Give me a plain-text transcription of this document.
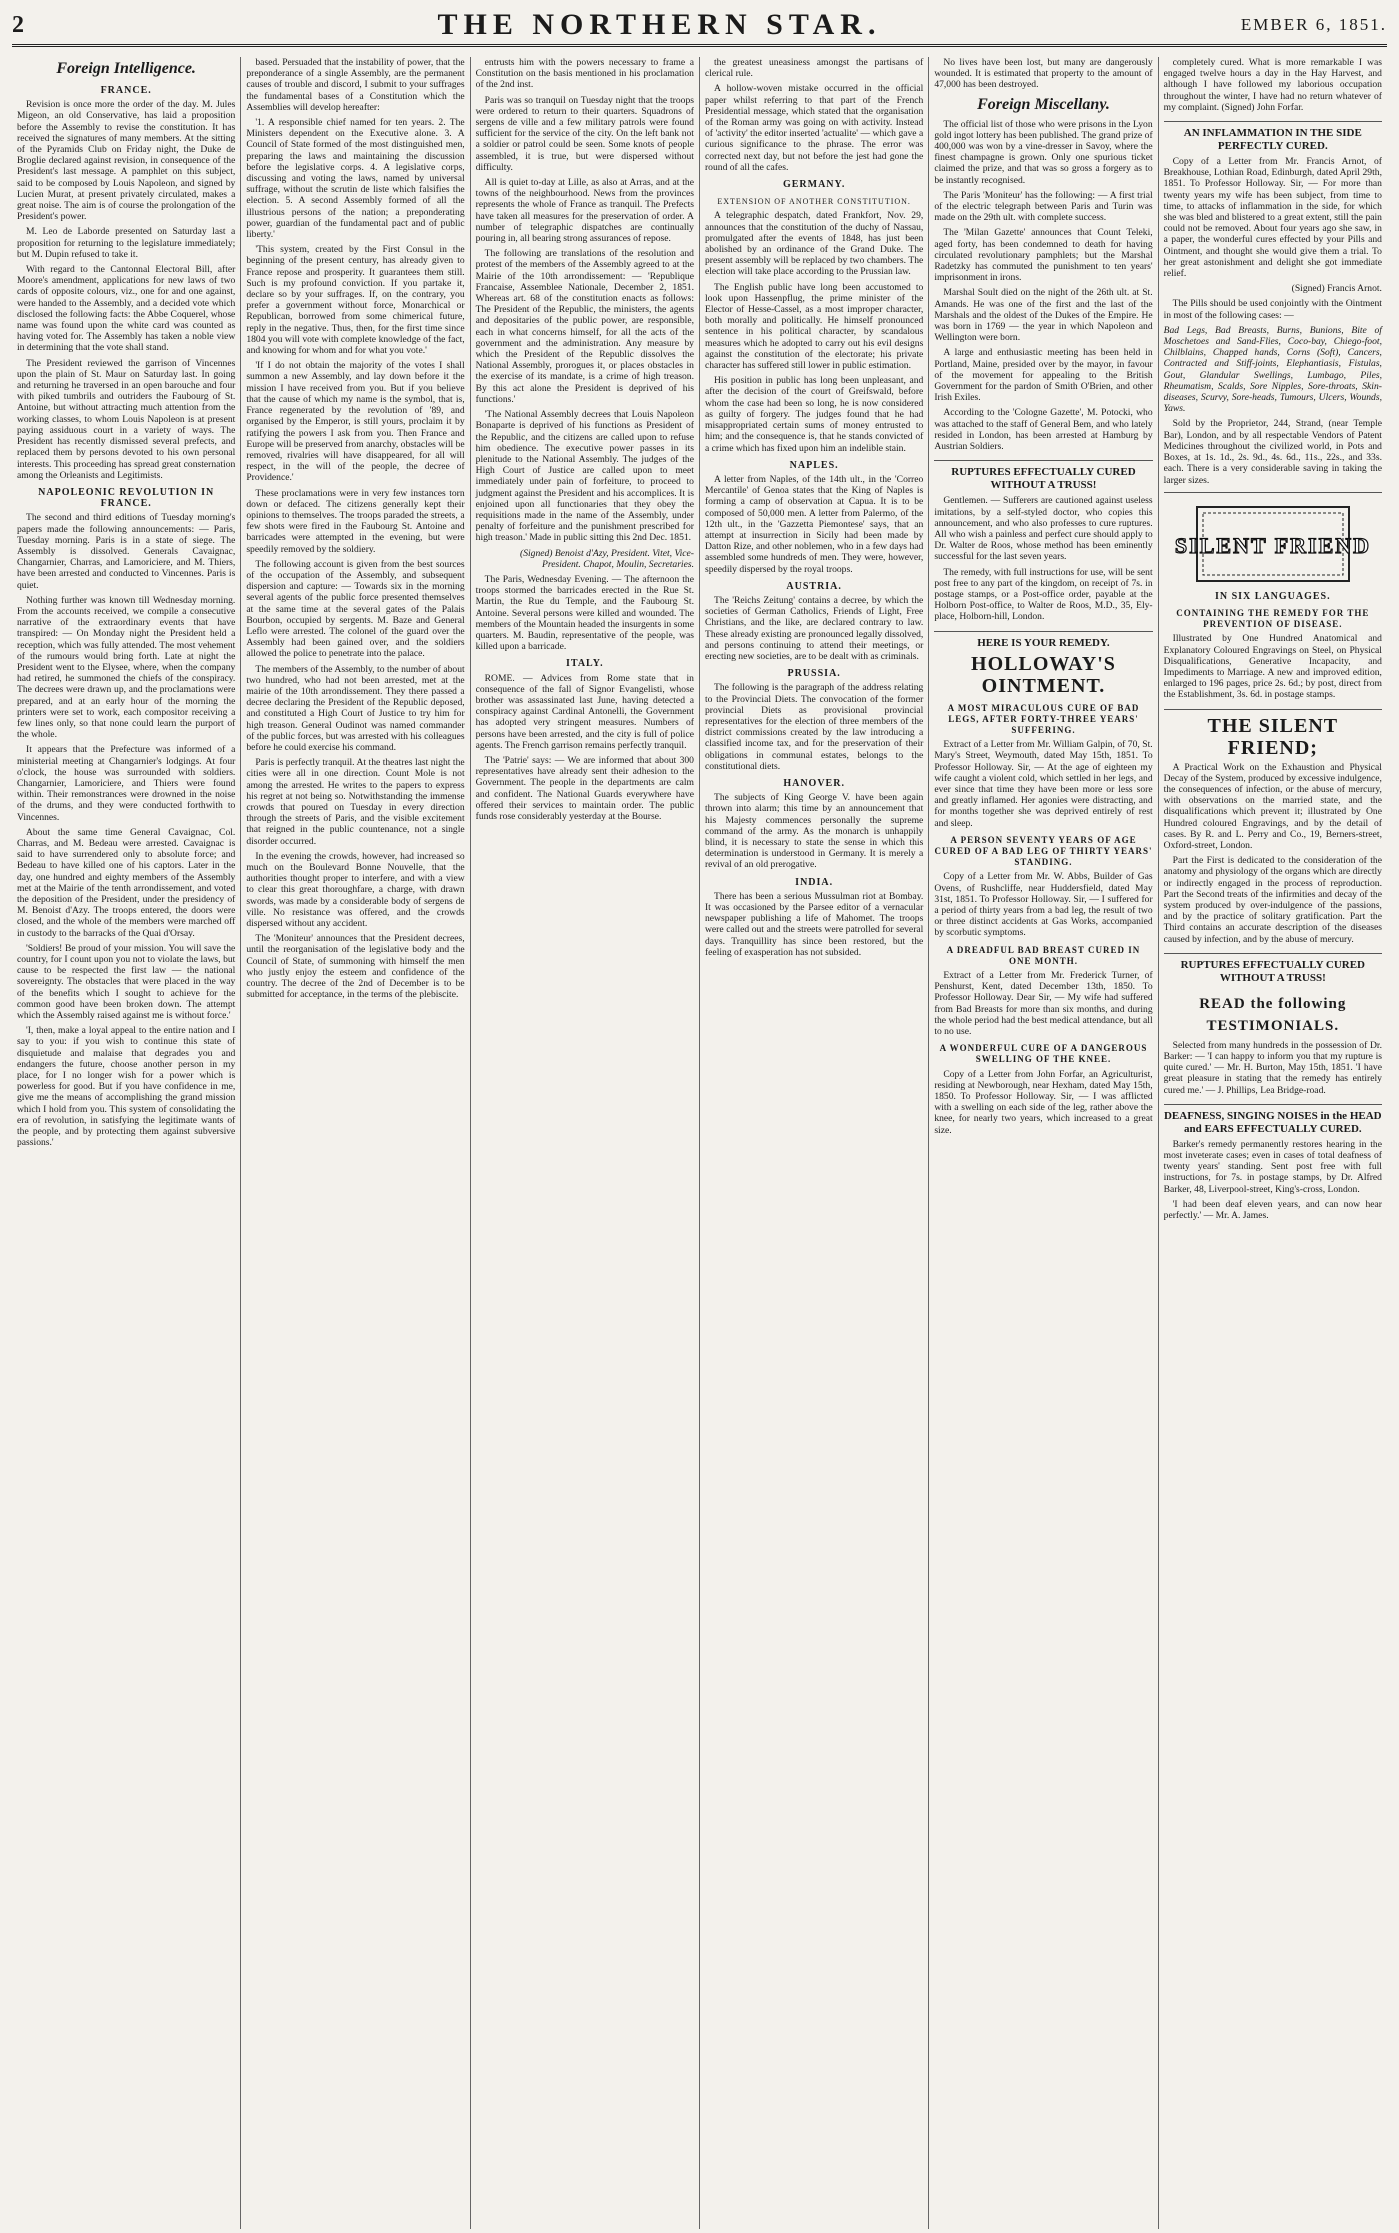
2	THE NORTHERN STAR.	EMBER 6, 1851.
Foreign Intelligence.
FRANCE.

Revision is once more the order of the day. M. Jules Migeon, an old Conservative, has laid a proposition before the Assembly to revise the constitution. It has received the signatures of many members. At the sitting of the Pyramids Club on Friday night, the Duke de Broglie declared against revision, in consequence of the President's last message. A pamphlet on this subject, said to be composed by Louis Napoleon, and signed by Lucien Murat, at present privately circulated, makes a great noise. The aim is of course the prolongation of the President's power.

M. Leo de Laborde presented on Saturday last a proposition for returning to the legislature immediately; but M. Dupin refused to take it.

With regard to the Cantonnal Electoral Bill, after Moore's amendment, applications for new laws of two cards of opposite colours, viz., one for and one against, were handed to the Assembly, and a decided vote which disclosed the following facts: the Abbe Coquerel, whose name was found upon the white card was counted as having voted for. The Assembly has taken a noble view in determining that the vote shall stand.

The President reviewed the garrison of Vincennes upon the plain of St. Maur on Saturday last. In going and returning he traversed in an open barouche and four with piked tumbrils and outriders the Faubourg of St. Antoine, but without attracting much attention from the working classes, to whom Louis Napoleon is at present paying assiduous court in a variety of ways. The President has recently dismissed several prefects, and replaced them by persons devoted to his own personal interests. This proceeding has spread great consternation among the Orleanists and Legitimists.

NAPOLEONIC REVOLUTION IN FRANCE.

The second and third editions of Tuesday morning's papers made the following announcements: — Paris, Tuesday morning. Paris is in a state of siege. The Assembly is dissolved. Generals Cavaignac, Changarnier, Charras, and Lamoriciere, and M. Thiers, have been arrested and conducted to Vincennes. Paris is quiet.

Nothing further was known till Wednesday morning. From the accounts received, we compile a consecutive narrative of the extraordinary events that have transpired: — On Monday night the President held a reception, which was fully attended. The most vehement of the rumours would bring forth. Late at night the President went to the Elysee, where, when the company had retired, he summoned the chiefs of the conspiracy. The decrees were drawn up, and the proclamations were prepared, and at an early hour of the morning the printers were set to work, each compositor receiving a few lines only, so that none could learn the purport of the whole.

It appears that the Prefecture was informed of a ministerial meeting at Changarnier's lodgings. At four o'clock, the house was surrounded with soldiers. Changarnier, Lamoriciere, and Thiers were found within. Their remonstrances were drowned in the noise of the drums, and they were conducted forthwith to Vincennes.

About the same time General Cavaignac, Col. Charras, and M. Bedeau were arrested. Cavaignac is said to have surrendered only to absolute force; and Bedeau to have killed one of his captors. Later in the day, one hundred and eighty members of the Assembly met at the Mairie of the tenth arrondissement, and voted the deposition of the President, under the presidency of M. Benoist d'Azy. The troops entered, the doors were closed, and the whole of the members were marched off in custody to the barracks of the Quai d'Orsay.

'Soldiers! Be proud of your mission. You will save the country, for I count upon you not to violate the laws, but cause to be respected the first law — the national sovereignty. The obstacles that were placed in the way of the benefits which I sought to achieve for the common good have been broken down. The attempt which the Assembly raised against me is without force.'

'I, then, make a loyal appeal to the entire nation and I say to you: if you wish to continue this state of disquietude and malaise that degrades you and endangers the future, choose another person in my place, for I no longer wish for a power which is powerless for good. But if you have confidence in me, give me the means of accomplishing the grand mission which I hold from you. This system of consolidating the era of revolution, in satisfying the legitimate wants of the people, and by protecting them against subversive passions.'

based. Persuaded that the instability of power, that the preponderance of a single Assembly, are the permanent causes of trouble and discord, I submit to your suffrages the fundamental bases of a Constitution which the Assemblies will develop hereafter:

'1. A responsible chief named for ten years. 2. The Ministers dependent on the Executive alone. 3. A Council of State formed of the most distinguished men, preparing the laws and maintaining the discussion before the legislative corps. 4. A legislative corps, discussing and voting the laws, named by universal suffrage, without the scrutin de liste which falsifies the election. 5. A second Assembly formed of all the illustrious persons of the nation; a preponderating power, guardian of the fundamental pact and of public liberty.'

'This system, created by the First Consul in the beginning of the present century, has already given to France repose and prosperity. It guarantees them still. Such is my profound conviction. If you partake it, declare so by your suffrages. If, on the contrary, you prefer a government without force, Monarchical or Republican, borrowed from some chimerical future, reply in the negative. Thus, then, for the first time since 1804 you will vote with complete knowledge of the fact, and knowing for whom and for what you vote.'

'If I do not obtain the majority of the votes I shall summon a new Assembly, and lay down before it the mission I have received from you. But if you believe that the cause of which my name is the symbol, that is, France regenerated by the revolution of '89, and organised by the Emperor, is still yours, proclaim it by ratifying the powers I ask from you. Then France and Europe will be preserved from anarchy, obstacles will be removed, rivalries will have disappeared, for all will respect, in the will of the people, the decree of Providence.'

These proclamations were in very few instances torn down or defaced. The citizens generally kept their opinions to themselves. The troops paraded the streets, a few shots were fired in the Faubourg St. Antoine and barricades were attempted in the evening, but were speedily removed by the soldiery.

The following account is given from the best sources of the occupation of the Assembly, and subsequent dispersion and capture: — Towards six in the morning several agents of the public force presented themselves at the same time at the several gates of the Palais Bourbon, occupied by sergents. M. Baze and General Leflo were arrested. The colonel of the guard over the Assembly had been gained over, and the soldiers allowed the police to penetrate into the palace.

The members of the Assembly, to the number of about two hundred, who had not been arrested, met at the mairie of the 10th arrondissement. They there passed a decree declaring the President of the Republic deposed, and constituted a High Court of Justice to try him for high treason. General Oudinot was named commander of the public forces, but was arrested with his colleagues before he could exercise his command.

Paris is perfectly tranquil. At the theatres last night the cities were all in one direction. Count Mole is not among the arrested. He writes to the papers to express his regret at not being so. Notwithstanding the immense crowds that poured on Tuesday in every direction through the streets of Paris, and the visible excitement that reigned in the public countenance, not a single disorder occurred.

In the evening the crowds, however, had increased so much on the Boulevard Bonne Nouvelle, that the authorities thought proper to interfere, and with a view to clear this great thoroughfare, a charge, with drawn swords, was made by a considerable body of sergens de ville. No resistance was offered, and the crowds dispersed without any accident.

The 'Moniteur' announces that the President decrees, until the reorganisation of the legislative body and the Council of State, of summoning with himself the men who justly enjoy the esteem and confidence of the country. The decree of the 2nd of December is to be submitted for acceptance, in the terms of the plebiscite.

entrusts him with the powers necessary to frame a Constitution on the basis mentioned in his proclamation of the 2nd inst.

Paris was so tranquil on Tuesday night that the troops were ordered to return to their quarters. Squadrons of sergens de ville and a few military patrols were found sufficient for the service of the city. On the left bank not a soldier or patrol could be seen. Some knots of people assembled, it is true, but were dispersed without difficulty.

All is quiet to-day at Lille, as also at Arras, and at the towns of the neighbourhood. News from the provinces represents the whole of France as tranquil. The Prefects have taken all measures for the preservation of order. A number of telegraphic dispatches are continually pouring in, all bearing strong assurances of repose.

The following are translations of the resolution and protest of the members of the Assembly agreed to at the Mairie of the 10th arrondissement: — 'Republique Francaise, Assemblee Nationale, December 2, 1851. Whereas art. 68 of the constitution enacts as follows: The President of the Republic, the ministers, the agents and depositaries of the public power, are responsible, each in what concerns himself, for all the acts of the government and the administration. Any measure by which the President of the Republic dissolves the National Assembly, prorogues it, or places obstacles in the exercise of its mandate, is a crime of high treason. By this act alone the President is deprived of his functions.'

'The National Assembly decrees that Louis Napoleon Bonaparte is deprived of his functions as President of the Republic, and the citizens are called upon to refuse him obedience. The executive power passes in its plenitude to the National Assembly. The judges of the High Court of Justice are called upon to meet immediately under pain of forfeiture, to proceed to judgment against the President and his accomplices. It is enjoined upon all functionaries that they obey the requisitions made in the name of the Assembly, under penalty of forfeiture and the punishment prescribed for high treason.' Made in public sitting this 2nd Dec. 1851.

(Signed) Benoist d'Azy, President. Vitet, Vice-President. Chapot, Moulin, Secretaries.

The Paris, Wednesday Evening. — The afternoon the troops stormed the barricades erected in the Rue St. Martin, the Rue du Temple, and the Faubourg St. Antoine. Several persons were killed and wounded. The members of the Mountain headed the insurgents in some quarters. M. Baudin, representative of the people, was killed upon a barricade.

ITALY.

ROME. — Advices from Rome state that in consequence of the fall of Signor Evangelisti, whose brother was assassinated last June, having detected a conspiracy against Cardinal Antonelli, the Government has adopted very stringent measures. Numbers of persons have been arrested, and the city is full of police agents. The French garrison remains perfectly tranquil.

The 'Patrie' says: — We are informed that about 300 representatives have already sent their adhesion to the Government. The people in the departments are calm and confident. The National Guards everywhere have offered their services to maintain order. The public funds rose considerably yesterday at the Bourse.

the greatest uneasiness amongst the partisans of clerical rule.

A hollow-woven mistake occurred in the official paper whilst referring to that part of the French Presidential message, which stated that the organisation of the Roman army was going on with activity. Instead of 'activity' the editor inserted 'actualite' — which gave a curious significance to the phrase. The error was corrected next day, but not before the jest had gone the round of all the cafes.

GERMANY.
EXTENSION OF ANOTHER CONSTITUTION.

A telegraphic despatch, dated Frankfort, Nov. 29, announces that the constitution of the duchy of Nassau, promulgated after the events of 1848, has just been abolished by an ordinance of the Grand Duke. The present assembly will be replaced by two chambers. The election will take place according to the Prussian law.

The English public have long been accustomed to look upon Hassenpflug, the prime minister of the Elector of Hesse-Cassel, as a most improper character, both morally and politically. He himself pronounced sentence in his political character, by scandalous measures which he adopted to carry out his evil designs against the constitution of the electorate; his private character has suffered still lower in public estimation.

His position in public has long been unpleasant, and after the decision of the court of Greifswald, before whom the case had been so long, he is now considered as guilty of forgery. The judges found that he had misappropriated certain sums of money entrusted to him; and the consequence is, that he stands convicted of a crime which has fixed upon him an indelible stain.

NAPLES.

A letter from Naples, of the 14th ult., in the 'Correo Mercantile' of Genoa states that the King of Naples is forming a camp of observation at Capua. It is to be composed of 50,000 men. A letter from Palermo, of the 12th ult., in the 'Gazzetta Piemontese' says, that an attempt at insurrection in Sicily had been made by Datton Rize, and other noblemen, who in a few days had assembled some hundreds of men. They were, however, speedily dispersed by the royal troops.

AUSTRIA.

The 'Reichs Zeitung' contains a decree, by which the societies of German Catholics, Friends of Light, Free Christians, and the like, are declared contrary to law. These already existing are pronounced legally dissolved, and persons continuing to attend their meetings, or erecting new societies, are to be dealt with as criminals.

PRUSSIA.

The following is the paragraph of the address relating to the Provincial Diets. The convocation of the former provincial Diets as provisional provincial representatives for the election of three members of the district commissions created by the law introducing a classified income tax, and for the preservation of their obligations in communal estates, belongs to the constitutional diets.

HANOVER.

The subjects of King George V. have been again thrown into alarm; this time by an announcement that his Majesty commences personally the supreme command of the army. As the monarch is unhappily blind, it is necessary to state the sense in which this determination is understood in Germany. It is merely a revival of an old prerogative.

INDIA.

There has been a serious Mussulman riot at Bombay. It was occasioned by the Parsee editor of a vernacular newspaper publishing a life of Mahomet. The troops were called out and the streets were patrolled for several days. Tranquillity has since been restored, but the feeling of exasperation has not subsided.

No lives have been lost, but many are dangerously wounded. It is estimated that property to the amount of 47,000 has been destroyed.

Foreign Miscellany.

The official list of those who were prisons in the Lyon gold ingot lottery has been published. The grand prize of 400,000 was won by a vine-dresser in Savoy, where the finest champagne is grown. Only one spurious ticket claimed the prize, and that was so gross a forgery as to be instantly recognised.

The Paris 'Moniteur' has the following: — A first trial of the electric telegraph between Paris and Turin was made on the 29th ult. with complete success.

The 'Milan Gazette' announces that Count Teleki, aged forty, has been condemned to death for having circulated revolutionary pamphlets; but the Marshal Radetzky has commuted the punishment to ten years' imprisonment in irons.

Marshal Soult died on the night of the 26th ult. at St. Amands. He was one of the first and the last of the Marshals and the oldest of the Dukes of the Empire. He was born in 1769 — the year in which Napoleon and Wellington were born.

A large and enthusiastic meeting has been held in Portland, Maine, presided over by the mayor, in favour of the movement for appealing to the British Government for the pardon of Smith O'Brien, and other Irish Exiles.

According to the 'Cologne Gazette', M. Potocki, who was attached to the staff of General Bem, and who lately resided in London, has been arrested at Hamburg by Austrian Soldiers.

RUPTURES EFFECTUALLY CURED WITHOUT A TRUSS!

Gentlemen. — Sufferers are cautioned against useless imitations, by a self-styled doctor, who copies this announcement, and who also professes to cure ruptures. All who wish a painless and perfect cure should apply to Dr. Walter de Roos, whose method has been eminently successful for the last seven years.

The remedy, with full instructions for use, will be sent post free to any part of the kingdom, on receipt of 7s. in postage stamps, or a Post-office order, payable at the Holborn Post-office, to Walter de Roos, M.D., 35, Ely-place, Holborn-hill, London.

HERE IS YOUR REMEDY.
HOLLOWAY'S OINTMENT.
A MOST MIRACULOUS CURE OF BAD LEGS, AFTER FORTY-THREE YEARS' SUFFERING.

Extract of a Letter from Mr. William Galpin, of 70, St. Mary's Street, Weymouth, dated May 15th, 1851. To Professor Holloway. Sir, — At the age of eighteen my wife caught a violent cold, which settled in her legs, and ever since that time they have been more or less sore and greatly inflamed. Her agonies were distracting, and for months together she was deprived entirely of rest and sleep.

A PERSON SEVENTY YEARS OF AGE CURED OF A BAD LEG OF THIRTY YEARS' STANDING.

Copy of a Letter from Mr. W. Abbs, Builder of Gas Ovens, of Rushcliffe, near Huddersfield, dated May 31st, 1851. To Professor Holloway. Sir, — I suffered for a period of thirty years from a bad leg, the result of two or three distinct accidents at Gas Works, accompanied by scorbutic symptoms.

A DREADFUL BAD BREAST CURED IN ONE MONTH.

Extract of a Letter from Mr. Frederick Turner, of Penshurst, Kent, dated December 13th, 1850. To Professor Holloway. Dear Sir, — My wife had suffered from Bad Breasts for more than six months, and during the whole period had the best medical attendance, but all to no use.

A WONDERFUL CURE OF A DANGEROUS SWELLING OF THE KNEE.

Copy of a Letter from John Forfar, an Agriculturist, residing at Newborough, near Hexham, dated May 15th, 1850. To Professor Holloway. Sir, — I was afflicted with a swelling on each side of the leg, rather above the knee, for nearly two years, which increased to a great size.

completely cured. What is more remarkable I was engaged twelve hours a day in the Hay Harvest, and although I have followed my laborious occupation throughout the winter, I have had no return whatever of my complaint. (Signed) John Forfar.

AN INFLAMMATION IN THE SIDE PERFECTLY CURED.

Copy of a Letter from Mr. Francis Arnot, of Breakhouse, Lothian Road, Edinburgh, dated April 29th, 1851. To Professor Holloway. Sir, — For more than twenty years my wife has been subject, from time to time, to attacks of inflammation in the side, for which she was bled and blistered to a great extent, still the pain could not be removed. About four years ago she saw, in a paper, the wonderful cures effected by your Pills and Ointment, and thought she would give them a trial. To her great astonishment and delight she got immediate relief.

(Signed) Francis Arnot.

The Pills should be used conjointly with the Ointment in most of the following cases: —

Bad Legs, Bad Breasts, Burns, Bunions, Bite of Moschetoes and Sand-Flies, Coco-bay, Chiego-foot, Chilblains, Chapped hands, Corns (Soft), Cancers, Contracted and Stiff-joints, Elephantiasis, Fistulas, Gout, Glandular Swellings, Lumbago, Piles, Rheumatism, Scalds, Sore Nipples, Sore-throats, Skin-diseases, Scurvy, Sore-heads, Tumours, Ulcers, Wounds, Yaws.

Sold by the Proprietor, 244, Strand, (near Temple Bar), London, and by all respectable Vendors of Patent Medicines throughout the civilized world, in Pots and Boxes, at 1s. 1d., 2s. 9d., 4s. 6d., 11s., 22s., and 33s. each. There is a very considerable saving in taking the larger sizes.

SILENT FRIEND
IN SIX LANGUAGES.
CONTAINING THE REMEDY FOR THE PREVENTION OF DISEASE.

Illustrated by One Hundred Anatomical and Explanatory Coloured Engravings on Steel, on Physical Disqualifications, Generative Incapacity, and Impediments to Marriage. A new and improved edition, enlarged to 196 pages, price 2s. 6d.; by post, direct from the Establishment, 3s. 6d. in postage stamps.

THE SILENT FRIEND;

A Practical Work on the Exhaustion and Physical Decay of the System, produced by excessive indulgence, the consequences of infection, or the abuse of mercury, with observations on the married state, and the disqualifications which prevent it; illustrated by One Hundred coloured Engravings, and by the detail of cases. By R. and L. Perry and Co., 19, Berners-street, Oxford-street, London.

Part the First is dedicated to the consideration of the anatomy and physiology of the organs which are directly or indirectly engaged in the process of reproduction. Part the Second treats of the infirmities and decay of the system produced by over-indulgence of the passions, and by the practice of solitary gratification. Part the Third contains an accurate description of the diseases caused by infection, and by the abuse of mercury.

RUPTURES EFFECTUALLY CURED WITHOUT A TRUSS!
READ the following TESTIMONIALS.

Selected from many hundreds in the possession of Dr. Barker: — 'I can happy to inform you that my rupture is quite cured.' — Mr. H. Burton, May 15th, 1851. 'I have great pleasure in stating that the remedy has entirely cured me.' — J. Phillips, Lea Bridge-road.

DEAFNESS, SINGING NOISES in the HEAD and EARS EFFECTUALLY CURED.

Barker's remedy permanently restores hearing in the most inveterate cases; even in cases of total deafness of twenty years' standing. Sent post free with full instructions, for 7s. in postage stamps, by Dr. Alfred Barker, 48, Liverpool-street, King's-cross, London.

'I had been deaf eleven years, and can now hear perfectly.' — Mr. A. James.
